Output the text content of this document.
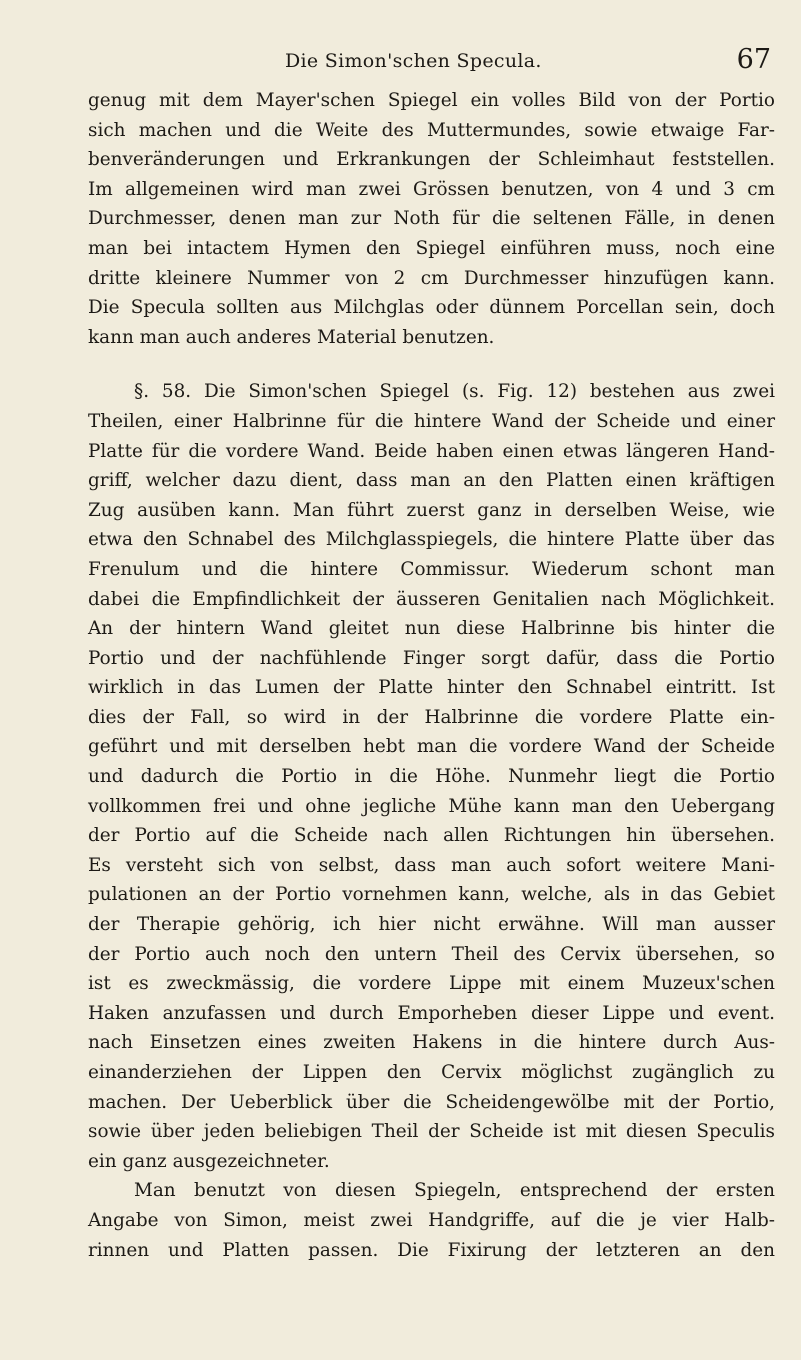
Die Simon'schen Specula.	67
genug mit dem Mayer'schen Spiegel ein volles Bild von der Portio
sich machen und die Weite des Muttermundes, sowie etwaige Far-
benveränderungen und Erkrankungen der Schleimhaut feststellen.
Im allgemeinen wird man zwei Grössen benutzen, von 4 und 3 cm
Durchmesser, denen man zur Noth für die seltenen Fälle, in denen
man bei intactem Hymen den Spiegel einführen muss, noch eine
dritte kleinere Nummer von 2 cm Durchmesser hinzufügen kann.
Die Specula sollten aus Milchglas oder dünnem Porcellan sein, doch
kann man auch anderes Material benutzen.
§. 58. Die Simon'schen Spiegel (s. Fig. 12) bestehen aus zwei
Theilen, einer Halbrinne für die hintere Wand der Scheide und einer
Platte für die vordere Wand. Beide haben einen etwas längeren Hand-
griff, welcher dazu dient, dass man an den Platten einen kräftigen
Zug ausüben kann. Man führt zuerst ganz in derselben Weise, wie
etwa den Schnabel des Milchglasspiegels, die hintere Platte über das
Frenulum und die hintere Commissur. Wiederum schont man
dabei die Empfindlichkeit der äusseren Genitalien nach Möglichkeit.
An der hintern Wand gleitet nun diese Halbrinne bis hinter die
Portio und der nachfühlende Finger sorgt dafür, dass die Portio
wirklich in das Lumen der Platte hinter den Schnabel eintritt. Ist
dies der Fall, so wird in der Halbrinne die vordere Platte ein-
geführt und mit derselben hebt man die vordere Wand der Scheide
und dadurch die Portio in die Höhe. Nunmehr liegt die Portio
vollkommen frei und ohne jegliche Mühe kann man den Uebergang
der Portio auf die Scheide nach allen Richtungen hin übersehen.
Es versteht sich von selbst, dass man auch sofort weitere Mani-
pulationen an der Portio vornehmen kann, welche, als in das Gebiet
der Therapie gehörig, ich hier nicht erwähne. Will man ausser
der Portio auch noch den untern Theil des Cervix übersehen, so
ist es zweckmässig, die vordere Lippe mit einem Muzeux'schen
Haken anzufassen und durch Emporheben dieser Lippe und event.
nach Einsetzen eines zweiten Hakens in die hintere durch Aus-
einanderziehen der Lippen den Cervix möglichst zugänglich zu
machen. Der Ueberblick über die Scheidengewölbe mit der Portio,
sowie über jeden beliebigen Theil der Scheide ist mit diesen Speculis
ein ganz ausgezeichneter.
Man benutzt von diesen Spiegeln, entsprechend der ersten
Angabe von Simon, meist zwei Handgriffe, auf die je vier Halb-
rinnen und Platten passen. Die Fixirung der letzteren an den
